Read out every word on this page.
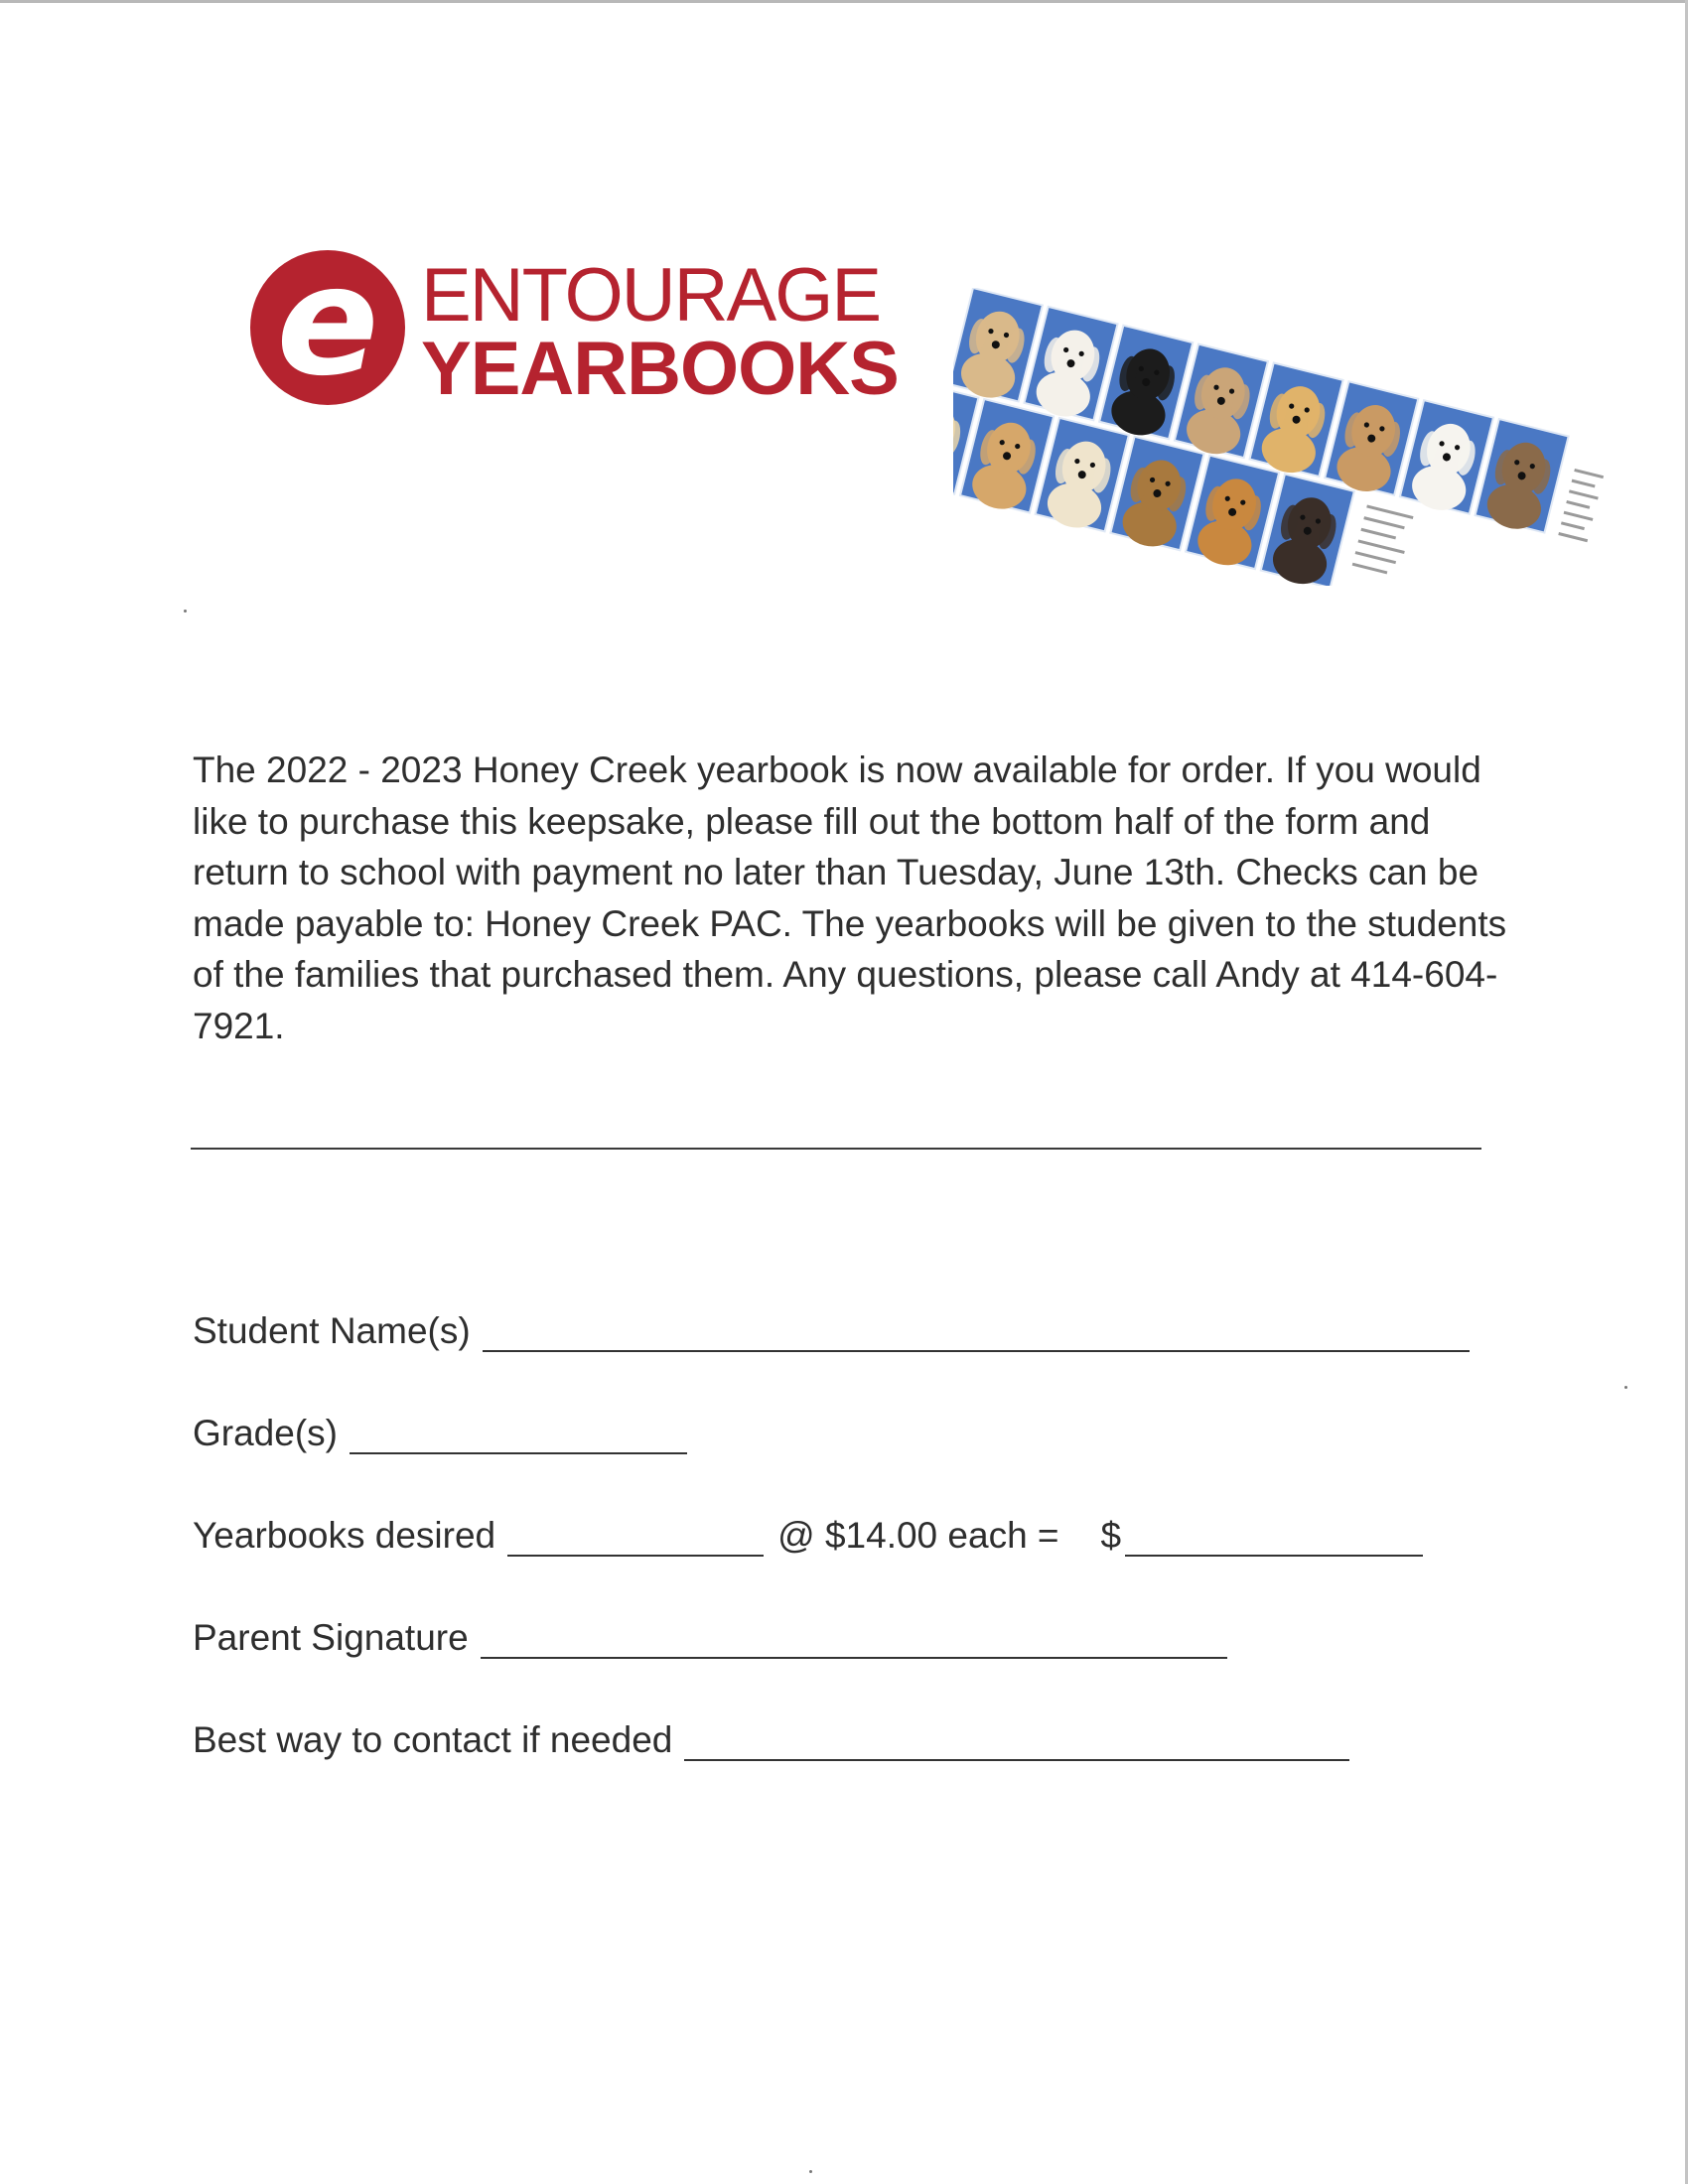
e ENTOURAGE
YEARBOOKS
The 2022 - 2023 Honey Creek yearbook is now available for order. If you would like to purchase this keepsake, please fill out the bottom half of the form and return to school with payment no later than Tuesday, June 13th. Checks can be made payable to: Honey Creek PAC. The yearbooks will be given to the students of the families that purchased them. Any questions, please call Andy at 414-604-7921.
Student Name(s)
Grade(s)
Yearbooks desired	@ $14.00 each = $
Parent Signature
Best way to contact if needed
